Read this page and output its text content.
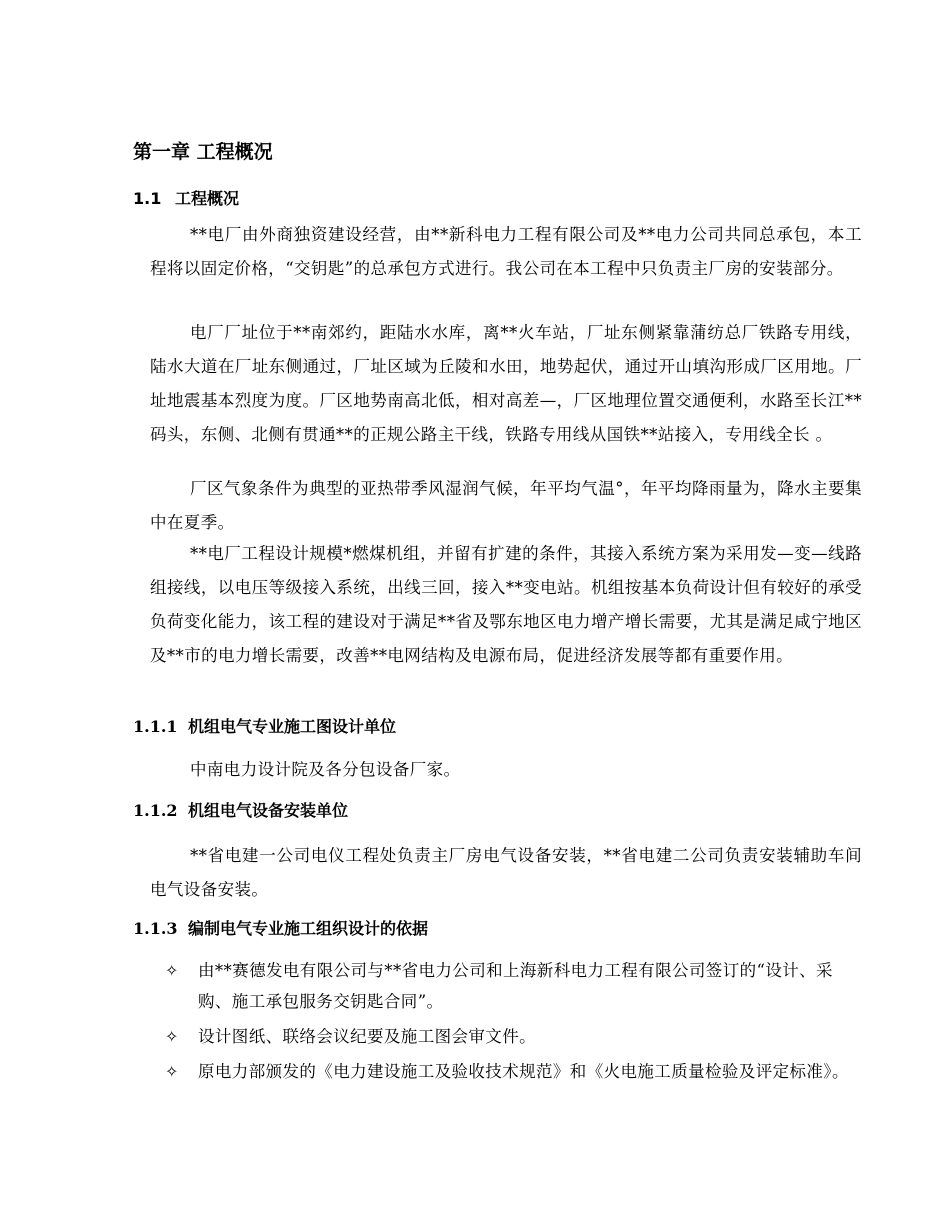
第一章 工程概况
1.1 工程概况

**电厂由外商独资建设经营，由**新科电力工程有限公司及**电力公司共同总承包，本工程将以固定价格，“交钥匙”的总承包方式进行。我公司在本工程中只负责主厂房的安装部分。

电厂厂址位于**南郊约，距陆水水库，离**火车站，厂址东侧紧靠蒲纺总厂铁路专用线，陆水大道在厂址东侧通过，厂址区域为丘陵和水田，地势起伏，通过开山填沟形成厂区用地。厂址地震基本烈度为度。厂区地势南高北低，相对高差—，厂区地理位置交通便利，水路至长江**码头，东侧、北侧有贯通**的正规公路主干线，铁路专用线从国铁**站接入，专用线全长 。

厂区气象条件为典型的亚热带季风湿润气候，年平均气温°，年平均降雨量为，降水主要集中在夏季。

**电厂工程设计规模*燃煤机组，并留有扩建的条件，其接入系统方案为采用发—变—线路组接线，以电压等级接入系统，出线三回，接入**变电站。机组按基本负荷设计但有较好的承受负荷变化能力，该工程的建设对于满足**省及鄂东地区电力增产增长需要，尤其是满足咸宁地区及**市的电力增长需要，改善**电网结构及电源布局，促进经济发展等都有重要作用。

1.1.1 机组电气专业施工图设计单位

中南电力设计院及各分包设备厂家。

1.1.2 机组电气设备安装单位

**省电建一公司电仪工程处负责主厂房电气设备安装，**省电建二公司负责安装辅助车间电气设备安装。

1.1.3 编制电气专业施工组织设计的依据
✧ 由**赛德发电有限公司与**省电力公司和上海新科电力工程有限公司签订的“设计、采购、施工承包服务交钥匙合同”。
✧ 设计图纸、联络会议纪要及施工图会审文件。
✧ 原电力部颁发的《电力建设施工及验收技术规范》和《火电施工质量检验及评定标准》。
